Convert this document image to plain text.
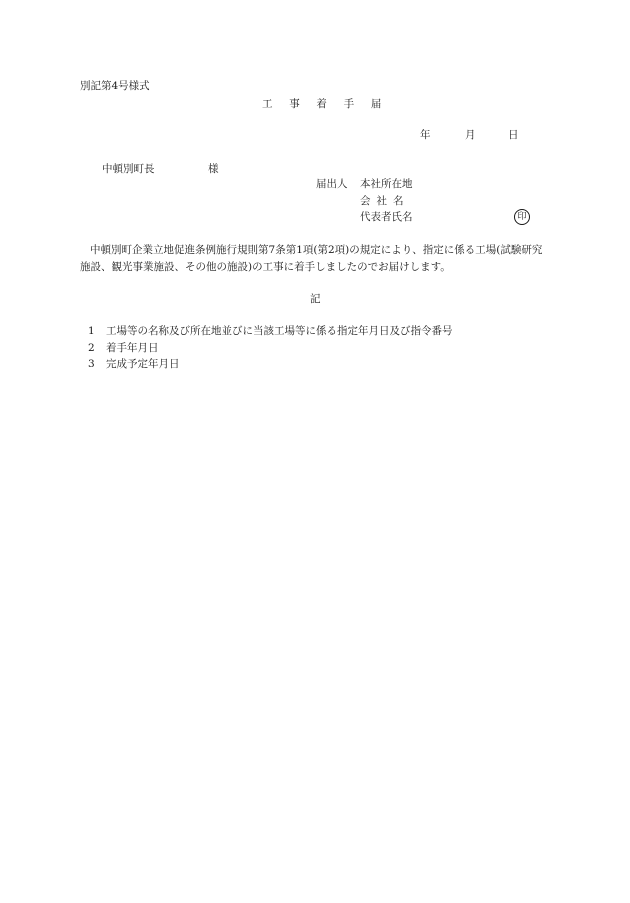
別記第4号様式
工 事 着 手 届
年	月	日
中頓別町長	様
届出人 本社所在地
会社名
代表者氏名	印
中頓別町企業立地促進条例施行規則第7条第1項(第2項)の規定により、指定に係る工場(試験研究
施設、観光事業施設、その他の施設)の工事に着手しましたのでお届けします。
記
1 工場等の名称及び所在地並びに当該工場等に係る指定年月日及び指令番号
2 着手年月日
3 完成予定年月日
